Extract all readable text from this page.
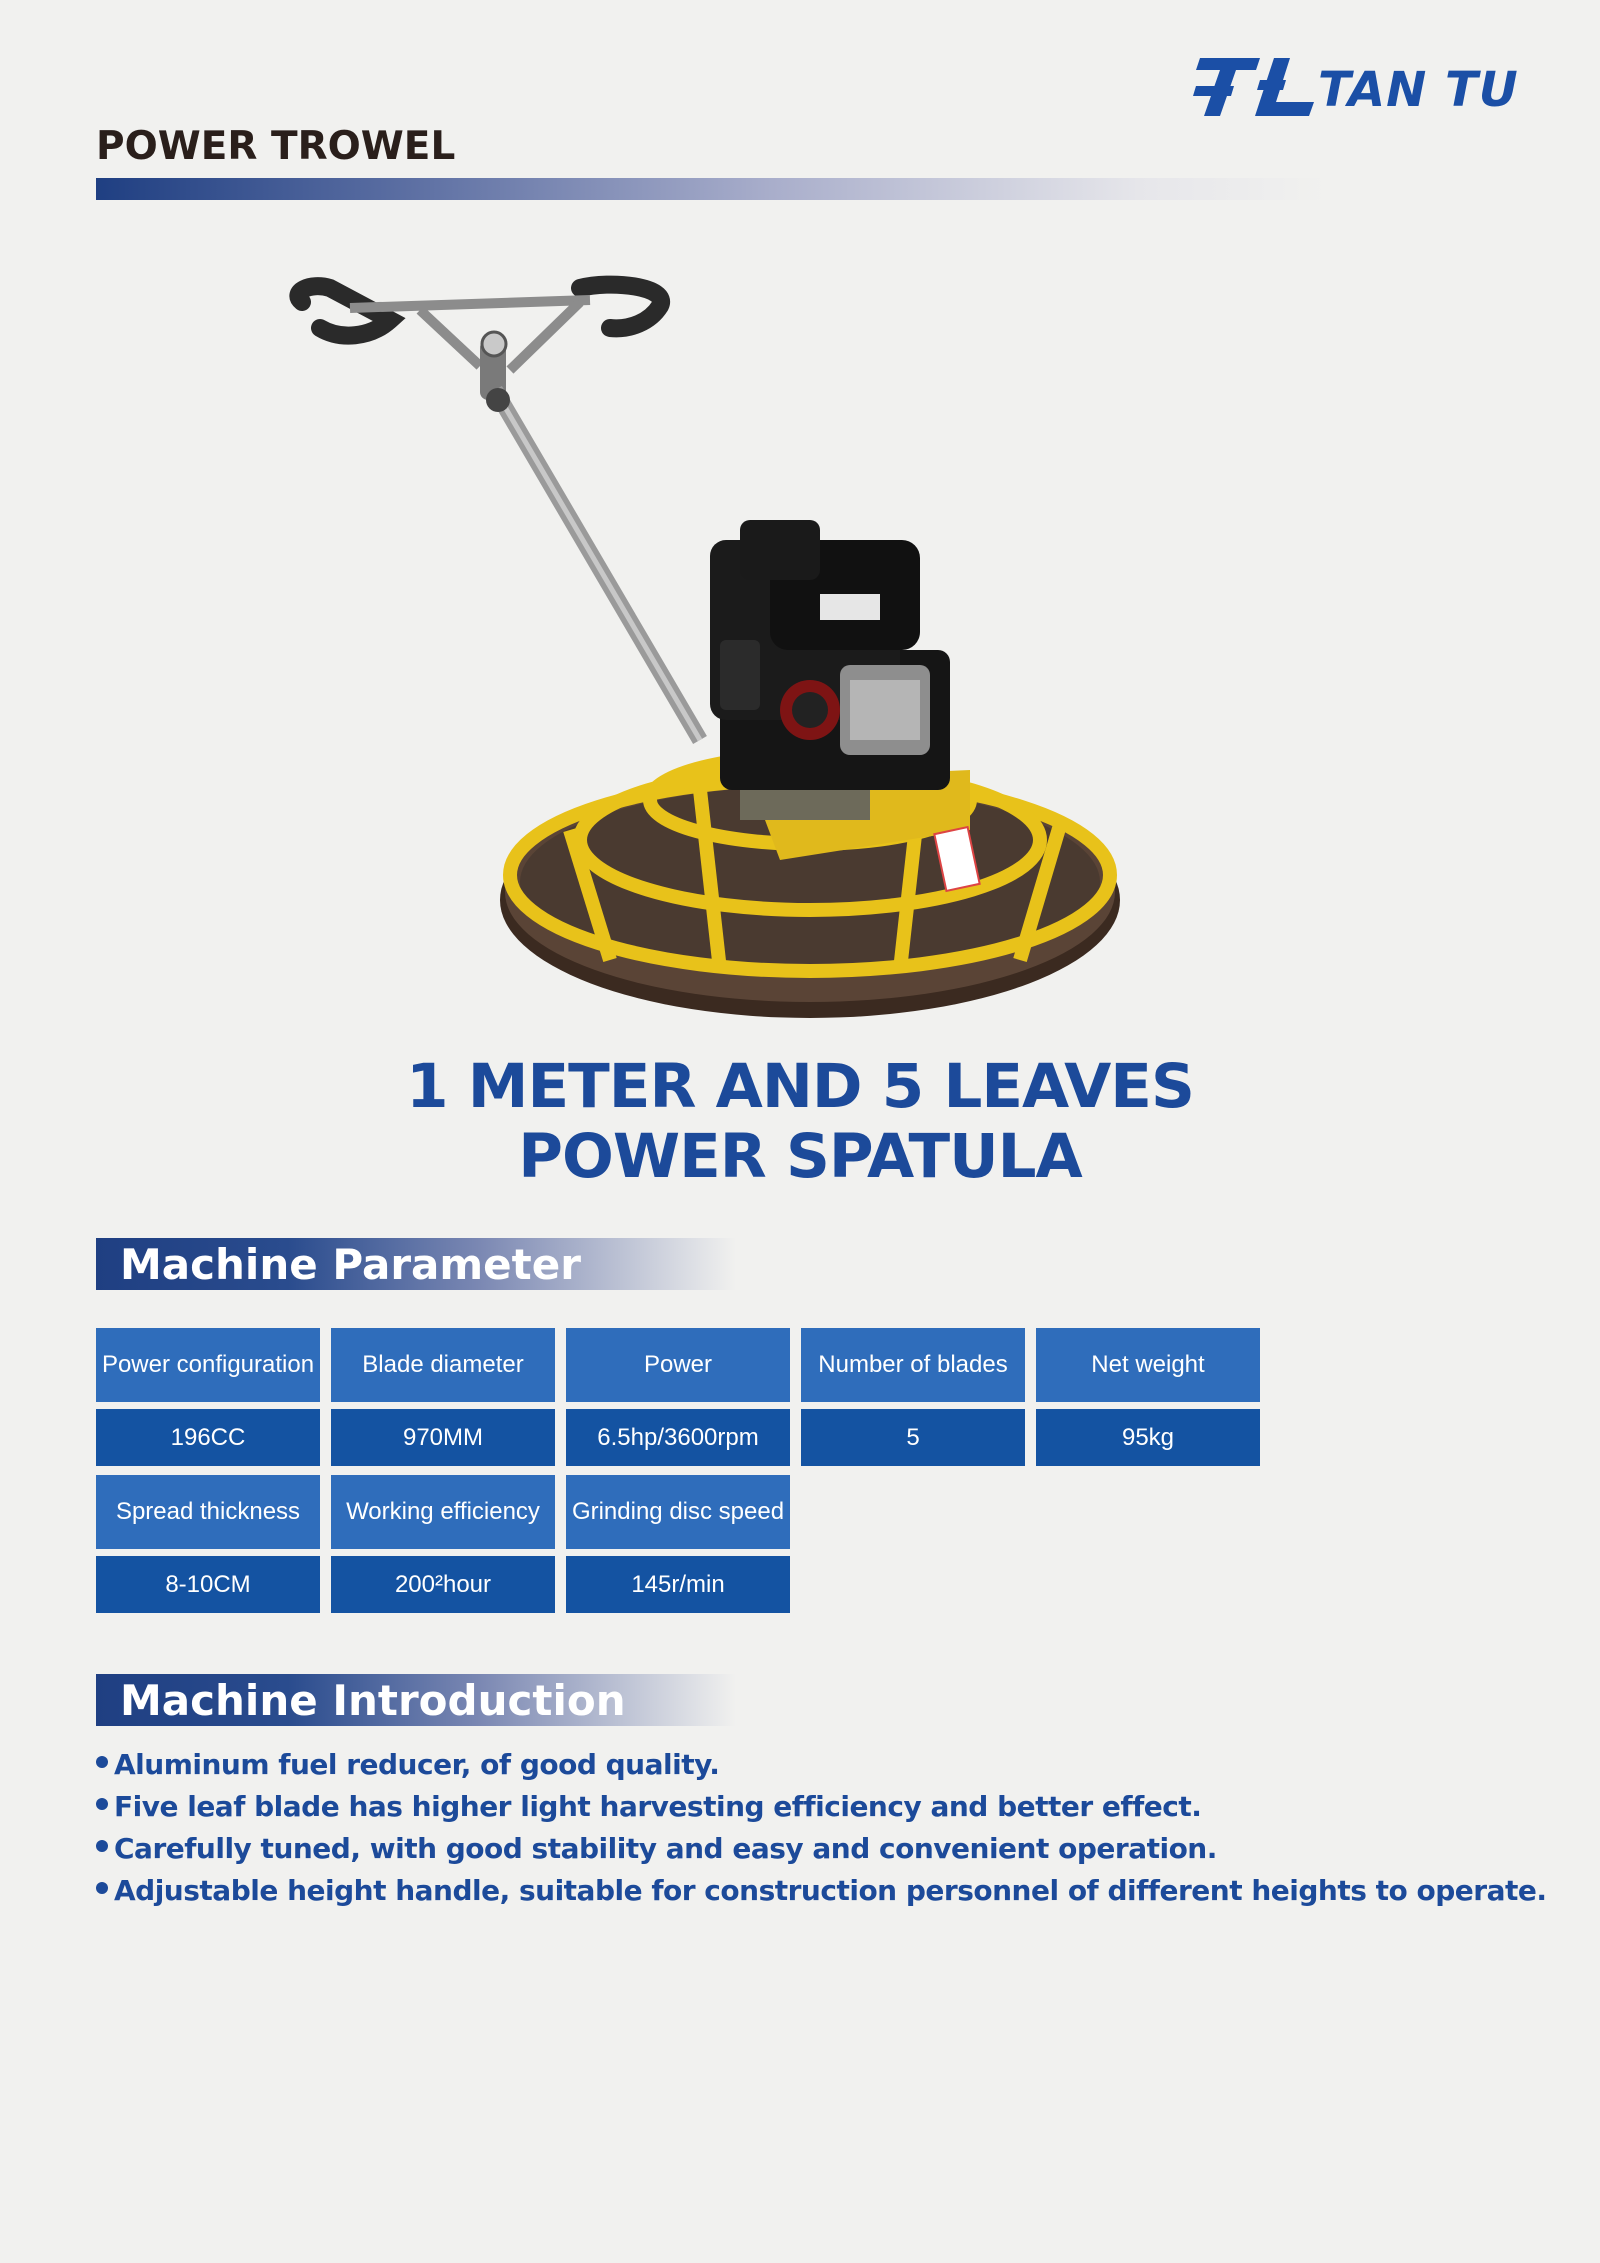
TAN TU
POWER TROWEL
1 METER AND 5 LEAVES
POWER SPATULA
Machine Parameter
Power configuration	Blade diameter	Power	Number of blades	Net weight
196CC	970MM	6.5hp/3600rpm	5	95kg
Spread thickness	Working efficiency	Grinding disc speed
8-10CM	200²hour	145r/min
Machine Introduction
Aluminum fuel reducer, of good quality.
Five leaf blade has higher light harvesting efficiency and better effect.
Carefully tuned, with good stability and easy and convenient operation.
Adjustable height handle, suitable for construction personnel of different heights to operate.
